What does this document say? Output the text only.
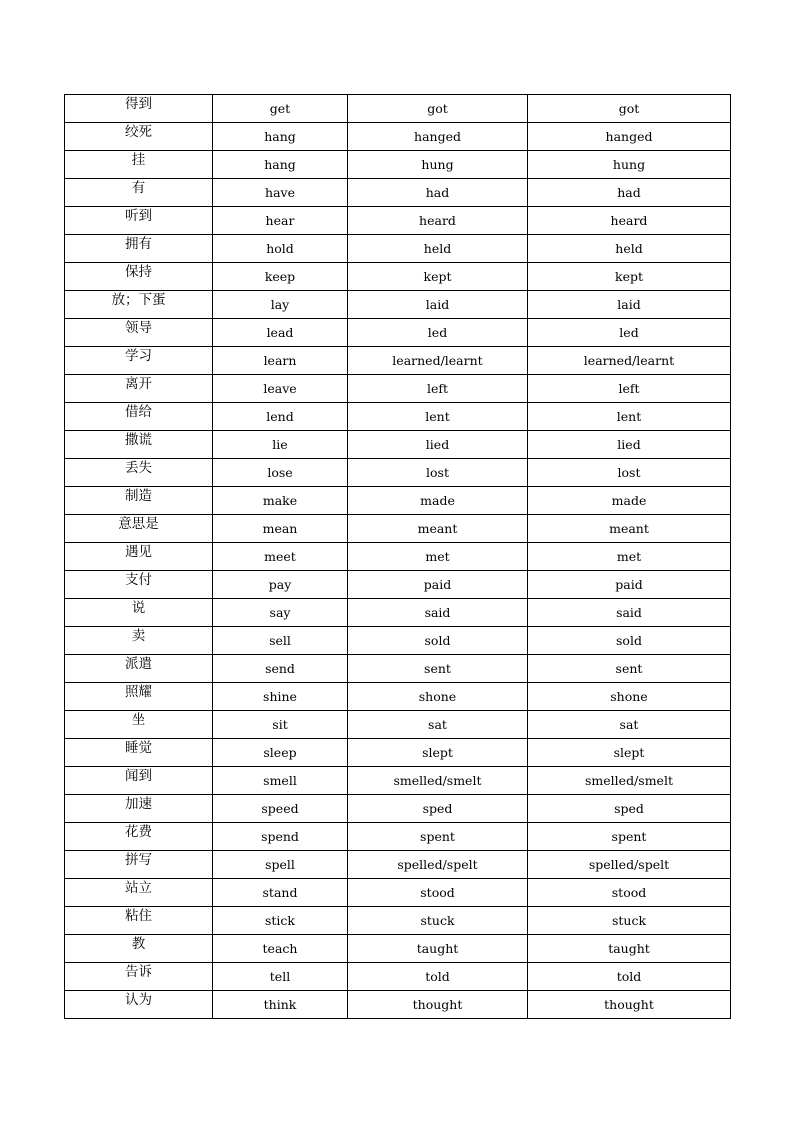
得到	get	got	got
绞死	hang	hanged	hanged
挂	hang	hung	hung
有	have	had	had
听到	hear	heard	heard
拥有	hold	held	held
保持	keep	kept	kept
放；下蛋	lay	laid	laid
领导	lead	led	led
学习	learn	learned/learnt	learned/learnt
离开	leave	left	left
借给	lend	lent	lent
撒谎	lie	lied	lied
丢失	lose	lost	lost
制造	make	made	made
意思是	mean	meant	meant
遇见	meet	met	met
支付	pay	paid	paid
说	say	said	said
卖	sell	sold	sold
派遣	send	sent	sent
照耀	shine	shone	shone
坐	sit	sat	sat
睡觉	sleep	slept	slept
闻到	smell	smelled/smelt	smelled/smelt
加速	speed	sped	sped
花费	spend	spent	spent
拼写	spell	spelled/spelt	spelled/spelt
站立	stand	stood	stood
粘住	stick	stuck	stuck
教	teach	taught	taught
告诉	tell	told	told
认为	think	thought	thought
